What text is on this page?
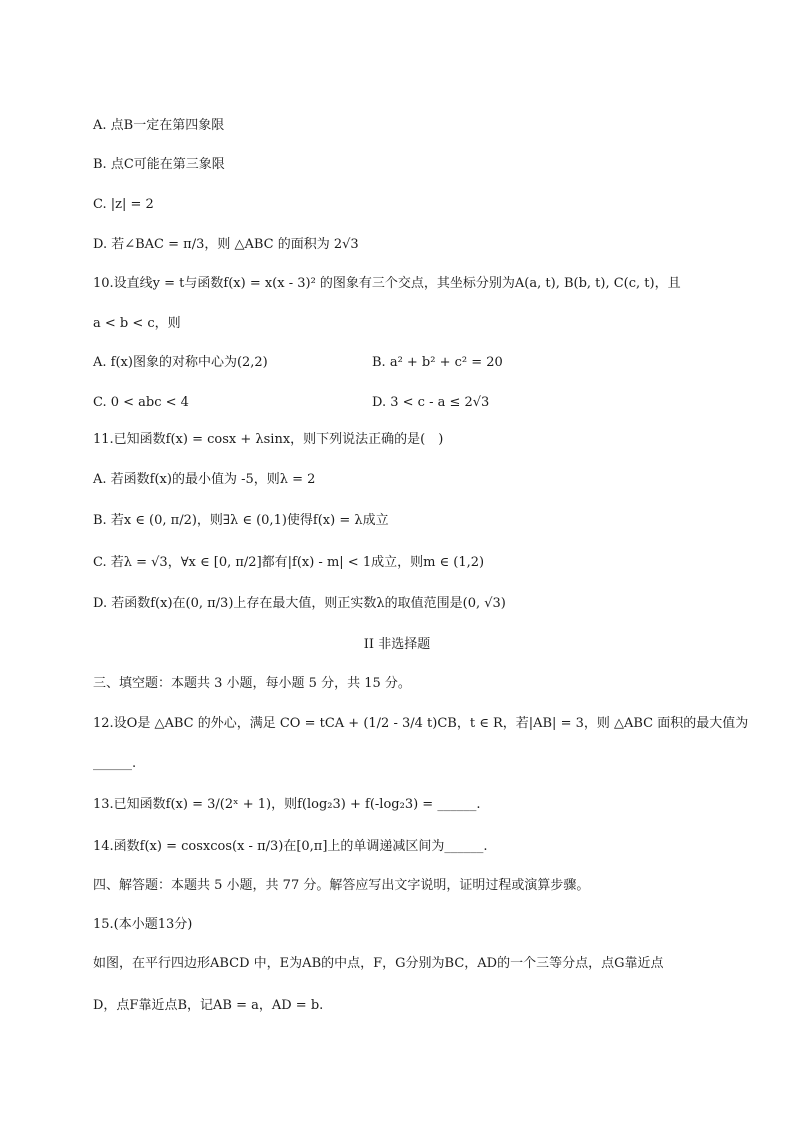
A. 点B一定在第四象限
B. 点C可能在第三象限
C. |z| = 2
D. 若∠BAC = π/3，则 △ABC 的面积为 2√3
10.设直线y = t与函数f(x) = x(x - 3)² 的图象有三个交点，其坐标分别为A(a, t), B(b, t), C(c, t)，且
a < b < c，则
A. f(x)图象的对称中心为(2,2)	B. a² + b² + c² = 20
C. 0 < abc < 4	D. 3 < c - a ≤ 2√3
11.已知函数f(x) = cosx + λsinx，则下列说法正确的是(　)
A. 若函数f(x)的最小值为 -5，则λ = 2
B. 若x ∈ (0, π/2)，则∃λ ∈ (0,1)使得f(x) = λ成立
C. 若λ = √3，∀x ∈ [0, π/2]都有|f(x) - m| < 1成立，则m ∈ (1,2)
D. 若函数f(x)在(0, π/3)上存在最大值，则正实数λ的取值范围是(0, √3)
II 非选择题
三、填空题：本题共 3 小题，每小题 5 分，共 15 分。
12.设O是 △ABC 的外心，满足 CO = tCA + (1/2 - 3/4 t)CB，t ∈ R，若|AB| = 3，则 △ABC 面积的最大值为
______.
13.已知函数f(x) = 3/(2ˣ + 1)，则f(log₂3) + f(-log₂3) = ______.
14.函数f(x) = cosxcos(x - π/3)在[0,π]上的单调递减区间为______.
四、解答题：本题共 5 小题，共 77 分。解答应写出文字说明，证明过程或演算步骤。
15.(本小题13分)
如图，在平行四边形ABCD 中，E为AB的中点，F，G分别为BC，AD的一个三等分点，点G靠近点
D，点F靠近点B，记AB = a，AD = b.
